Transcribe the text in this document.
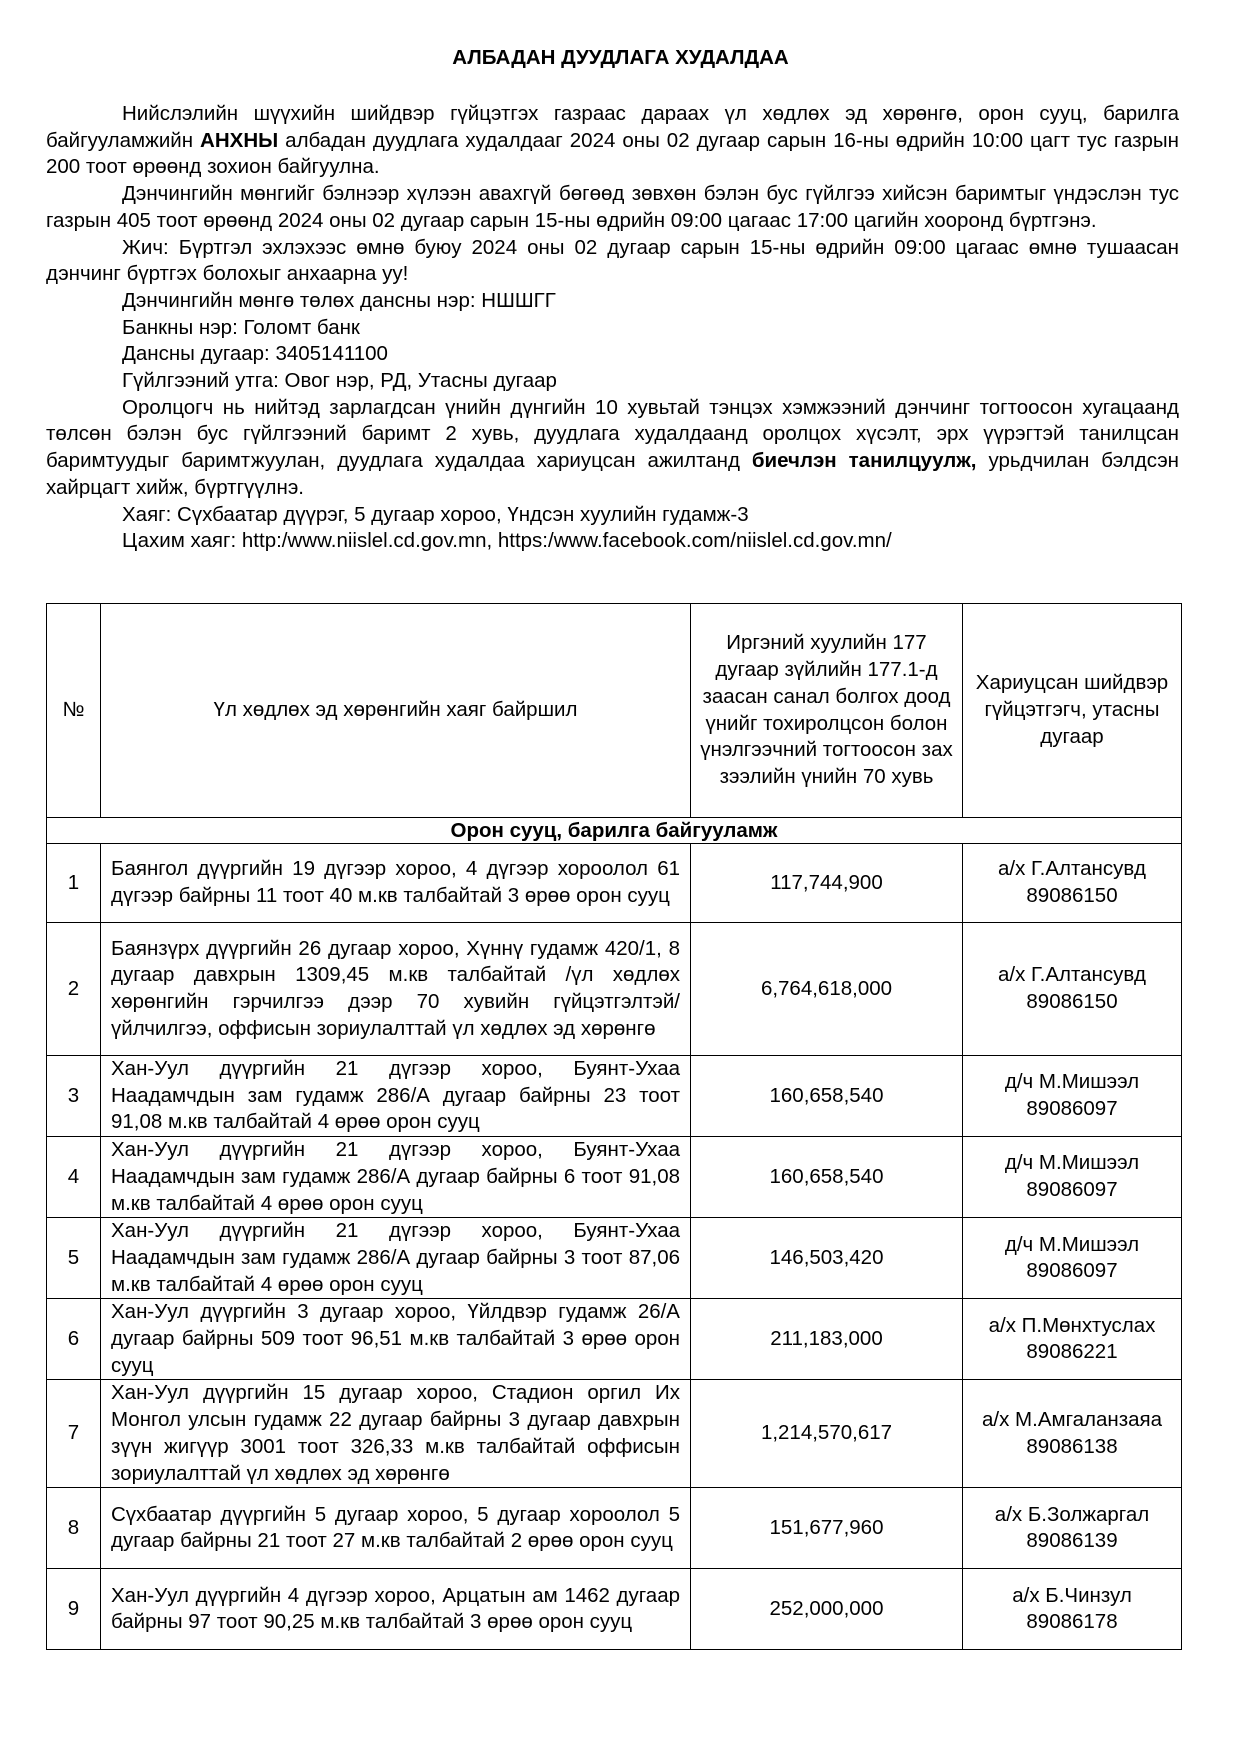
АЛБАДАН ДУУДЛАГА ХУДАЛДАА

Нийслэлийн шүүхийн шийдвэр гүйцэтгэх газраас дараах үл хөдлөх эд хөрөнгө, орон сууц, барилга байгууламжийн АНХНЫ албадан дуудлага худалдааг 2024 оны 02 дугаар сарын 16-ны өдрийн 10:00 цагт тус газрын 200 тоот өрөөнд зохион байгуулна.

Дэнчингийн мөнгийг бэлнээр хүлээн авахгүй бөгөөд зөвхөн бэлэн бус гүйлгээ хийсэн баримтыг үндэслэн тус газрын 405 тоот өрөөнд 2024 оны 02 дугаар сарын 15-ны өдрийн 09:00 цагаас 17:00 цагийн хооронд бүртгэнэ.

Жич: Бүртгэл эхлэхээс өмнө буюу 2024 оны 02 дугаар сарын 15-ны өдрийн 09:00 цагаас өмнө тушаасан дэнчинг бүртгэх болохыг анхаарна уу!

Дэнчингийн мөнгө төлөх дансны нэр: НШШГГ

Банкны нэр: Голомт банк

Дансны дугаар: 3405141100

Гүйлгээний утга: Овог нэр, РД, Утасны дугаар

Оролцогч нь нийтэд зарлагдсан үнийн дүнгийн 10 хувьтай тэнцэх хэмжээний дэнчинг тогтоосон хугацаанд төлсөн бэлэн бус гүйлгээний баримт 2 хувь, дуудлага худалдаанд оролцох хүсэлт, эрх үүрэгтэй танилцсан баримтуудыг баримтжуулан, дуудлага худалдаа хариуцсан ажилтанд биечлэн танилцуулж, урьдчилан бэлдсэн хайрцагт хийж, бүртгүүлнэ.

Хаяг: Сүхбаатар дүүрэг, 5 дугаар хороо, Үндсэн хуулийн гудамж-3

Цахим хаяг: http:/www.niislel.cd.gov.mn, https:/www.facebook.com/niislel.cd.gov.mn/

№	Үл хөдлөх эд хөрөнгийн хаяг байршил	Иргэний хуулийн 177 дугаар зүйлийн 177.1-д заасан санал болгох доод үнийг тохиролцсон болон үнэлгээчний тогтоосон зах зээлийн үнийн 70 хувь	Хариуцсан шийдвэр гүйцэтгэгч, утасны дугаар
Орон сууц, барилга байгууламж			
1	Баянгол дүүргийн 19 дүгээр хороо, 4 дүгээр хороолол 61 дүгээр байрны 11 тоот 40 м.кв талбайтай 3 өрөө орон сууц	117,744,900	а/х Г.Алтансувд 89086150
2	Баянзүрх дүүргийн 26 дугаар хороо, Хүннү гудамж 420/1, 8 дугаар давхрын 1309,45 м.кв талбайтай /үл хөдлөх хөрөнгийн гэрчилгээ дээр 70 хувийн гүйцэтгэлтэй/ үйлчилгээ, оффисын зориулалттай үл хөдлөх эд хөрөнгө	6,764,618,000	а/х Г.Алтансувд 89086150
3	Хан-Уул дүүргийн 21 дүгээр хороо, Буянт-Ухаа Наадамчдын зам гудамж 286/А дугаар байрны 23 тоот 91,08 м.кв талбайтай 4 өрөө орон сууц	160,658,540	д/ч М.Мишээл 89086097
4	Хан-Уул дүүргийн 21 дүгээр хороо, Буянт-Ухаа Наадамчдын зам гудамж 286/А дугаар байрны 6 тоот 91,08 м.кв талбайтай 4 өрөө орон сууц	160,658,540	д/ч М.Мишээл 89086097
5	Хан-Уул дүүргийн 21 дүгээр хороо, Буянт-Ухаа Наадамчдын зам гудамж 286/А дугаар байрны 3 тоот 87,06 м.кв талбайтай 4 өрөө орон сууц	146,503,420	д/ч М.Мишээл 89086097
6	Хан-Уул дүүргийн 3 дугаар хороо, Үйлдвэр гудамж 26/А дугаар байрны 509 тоот 96,51 м.кв талбайтай 3 өрөө орон сууц	211,183,000	а/х П.Мөнхтуслах 89086221
7	Хан-Уул дүүргийн 15 дугаар хороо, Стадион оргил Их Монгол улсын гудамж 22 дугаар байрны 3 дугаар давхрын зүүн жигүүр 3001 тоот 326,33 м.кв талбайтай оффисын зориулалттай үл хөдлөх эд хөрөнгө	1,214,570,617	а/х М.Амгаланзаяа 89086138
8	Сүхбаатар дүүргийн 5 дугаар хороо, 5 дугаар хороолол 5 дугаар байрны 21 тоот 27 м.кв талбайтай 2 өрөө орон сууц	151,677,960	а/х Б.Золжаргал 89086139
9	Хан-Уул дүүргийн 4 дүгээр хороо, Арцатын ам 1462 дугаар байрны 97 тоот 90,25 м.кв талбайтай 3 өрөө орон сууц	252,000,000	а/х Б.Чинзул 89086178
